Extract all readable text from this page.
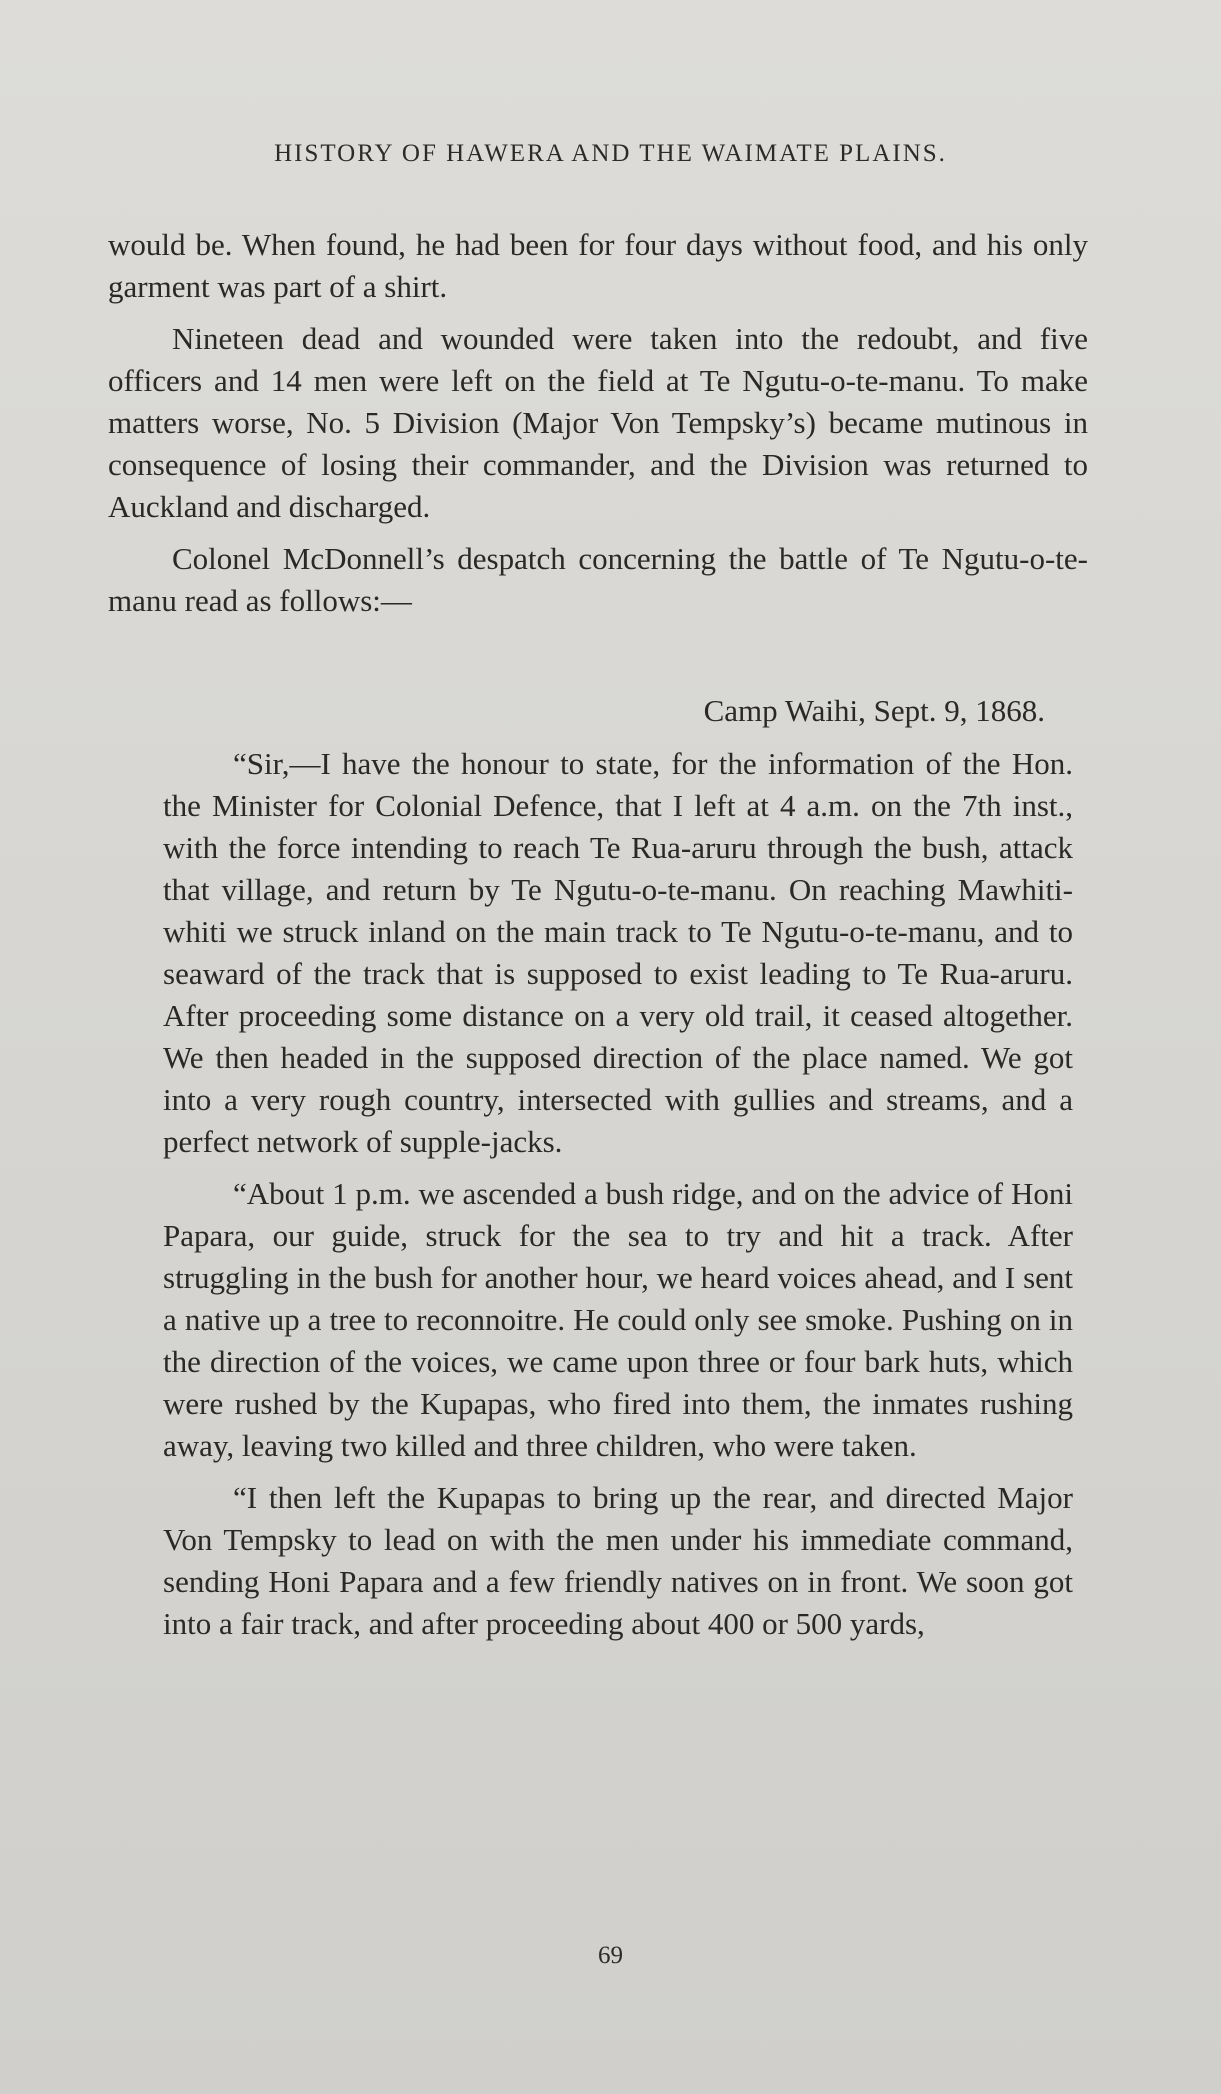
HISTORY OF HAWERA AND THE WAIMATE PLAINS.

would be. When found, he had been for four days without food, and his only garment was part of a shirt.

Nineteen dead and wounded were taken into the redoubt, and five officers and 14 men were left on the field at Te Ngutu-o-te-manu. To make matters worse, No. 5 Division (Major Von Tempsky’s) became mutinous in consequence of losing their commander, and the Division was returned to Auckland and discharged.

Colonel McDonnell’s despatch concerning the battle of Te Ngutu-o-te-manu read as follows:—

Camp Waihi, Sept. 9, 1868.

“Sir,—I have the honour to state, for the information of the Hon. the Minister for Colonial Defence, that I left at 4 a.m. on the 7th inst., with the force intending to reach Te Rua-aruru through the bush, attack that village, and return by Te Ngutu-o-te-manu. On reaching Mawhiti-whiti we struck inland on the main track to Te Ngutu-o-te-manu, and to seaward of the track that is supposed to exist leading to Te Rua-aruru. After proceeding some distance on a very old trail, it ceased altogether. We then headed in the supposed direction of the place named. We got into a very rough country, intersected with gullies and streams, and a perfect network of supple-jacks.

“About 1 p.m. we ascended a bush ridge, and on the advice of Honi Papara, our guide, struck for the sea to try and hit a track. After struggling in the bush for another hour, we heard voices ahead, and I sent a native up a tree to reconnoitre. He could only see smoke. Pushing on in the direction of the voices, we came upon three or four bark huts, which were rushed by the Kupapas, who fired into them, the inmates rushing away, leaving two killed and three children, who were taken.

“I then left the Kupapas to bring up the rear, and directed Major Von Tempsky to lead on with the men under his immediate command, sending Honi Papara and a few friendly natives on in front. We soon got into a fair track, and after proceeding about 400 or 500 yards,

69
